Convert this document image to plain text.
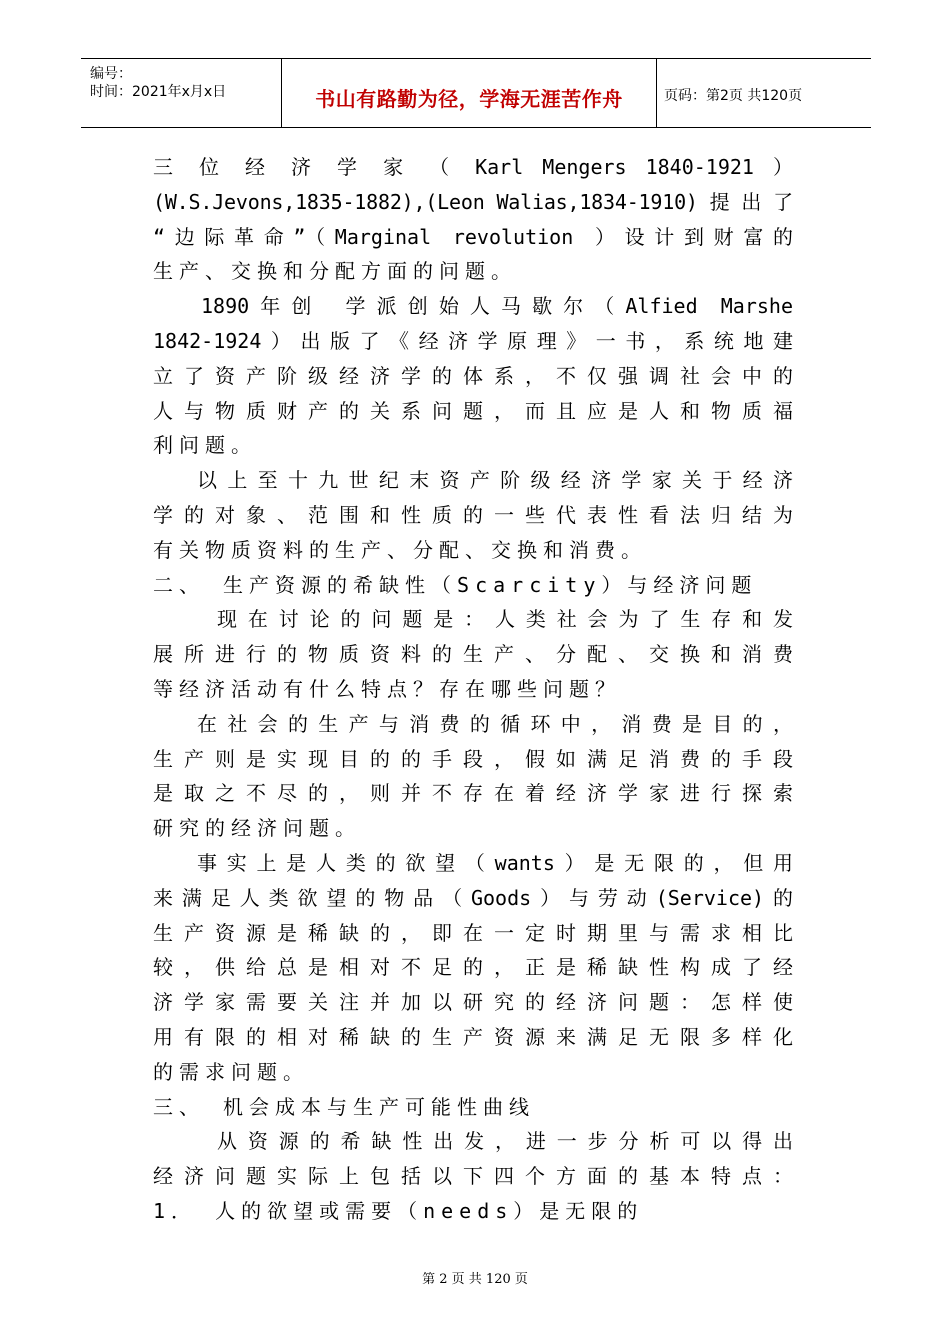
编号：
时间：2021年x月x日	书山有路勤为径，学海无涯苦作舟	页码：第2页 共120页
三 位 经 济 学 家 （ Karl Mengers 1840-1921 ）
(W.S.Jevons,1835-1882),(Leon Walias,1834-1910) 提 出 了
“边际革命”（Marginal revolution ）设计到财富的
生产、交换和分配方面的问题。
1890年创 学派创始人马歇尔（Alfied Marshe
1842-1924）出版了《经济学原理》一书，系统地建
立了资产阶级经济学的体系，不仅强调社会中的
人与物质财产的关系问题，而且应是人和物质福
利问题。
以上至十九世纪末资产阶级经济学家关于经济
学的对象、范围和性质的一些代表性看法归结为
有关物质资料的生产、分配、交换和消费。
二、 生产资源的希缺性（Scarcity）与经济问题
现在讨论的问题是：人类社会为了生存和发
展所进行的物质资料的生产、分配、交换和消费
等经济活动有什么特点？存在哪些问题？
在社会的生产与消费的循环中，消费是目的，
生产则是实现目的的手段，假如满足消费的手段
是取之不尽的，则并不存在着经济学家进行探索
研究的经济问题。
事实上是人类的欲望（wants）是无限的，但用
来满足人类欲望的物品（Goods）与劳动(Service)的
生产资源是稀缺的，即在一定时期里与需求相比
较，供给总是相对不足的，正是稀缺性构成了经
济学家需要关注并加以研究的经济问题：怎样使
用有限的相对稀缺的生产资源来满足无限多样化
的需求问题。
三、 机会成本与生产可能性曲线
从资源的希缺性出发，进一步分析可以得出
经济问题实际上包括以下四个方面的基本特点：
1． 人的欲望或需要（needs）是无限的
第 2 页 共 120 页
